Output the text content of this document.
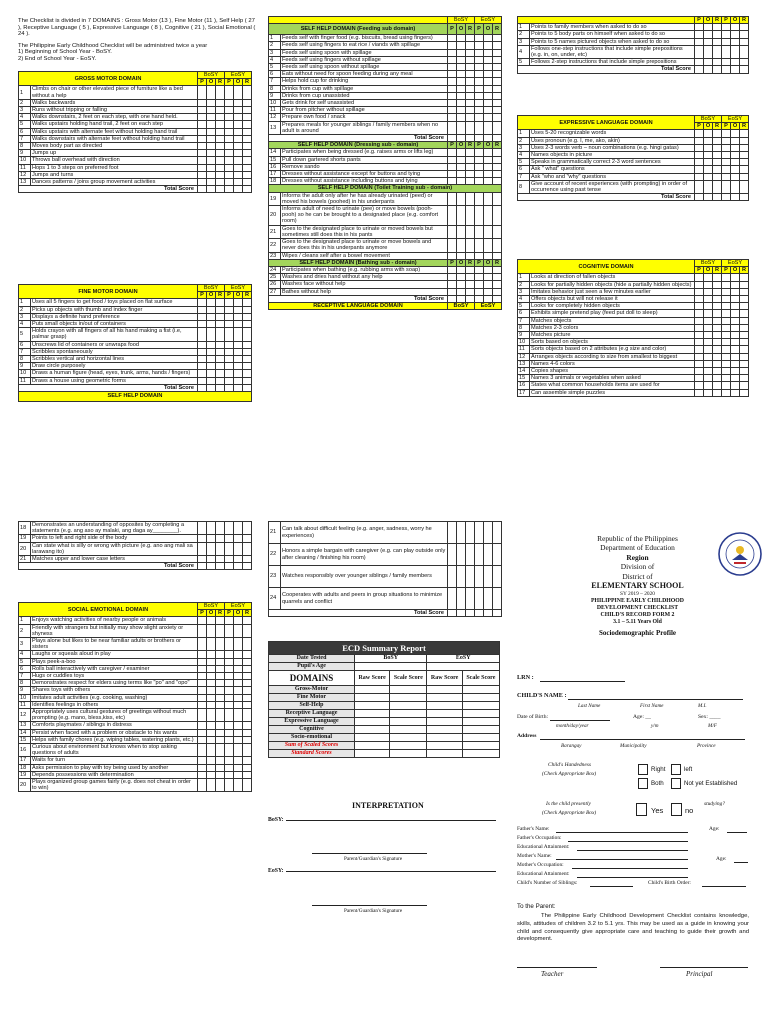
The Checklist is divided in 7 DOMAINS : Gross Motor (13 ), Fine Motor (11 ), Self Help ( 27 ), Receptive Language ( 5 ), Expressive Language ( 8 ), Cognitive ( 21 ), Social Emotional ( 24 ).

The Philippine Early Childhood Checklist will be administred twice a year
1) Beginning of School Year - BoSY.
2) End of School Year - EoSY.
GROSS MOTOR DOMAIN		BoSY			EoSY		
		P	O	R	P	O	R
1	Climbs on chair or other elevated piece of furniture like a bed without a help						
2	Walks backwards						
3	Runs without tripping or falling						
4	Walks downstairs, 2 feet on each step, with one hand held.						
5	Walks upstairs holding hand trail, 2 feet on each step						
6	Walks upstairs with alternate feet without holding hand trail						
7	Walks downstairs with alternate feet without holding hand trail						
8	Moves body part as directed						
9	Jumps up						
10	Throws ball overhead with direction						
11	Hops 1 to 3 steps on preferred foot						
12	Jumps and turns						
13	Dances patterns / joins group movement activities						
Total Score							
FINE MOTOR DOMAIN		BoSY			EoSY		
		P	O	R	P	O	R
1	Uses all 5 fingers to get food / toys placed on flat surface						
2	Picks up objects with thumb and index finger						
3	Displays a definite hand preference						
4	Puts small objects in/out of containers						
5	Holds crayon with all fingers of all his hand making a fist (i.e, palmar grasp)						
6	Unscrews lid of containers or unwraps food						
7	Scribbles spontaneously						
8	Scribbles vertical and horizontal lines						
9	Draw circle purposely						
10	Draws a human figure (head, eyes, trunk, arms, hands / fingers)						
11	Draws a house using geometric forms						
Total Score							
SELF HELP DOMAIN							
		BoSY			EoSY		
SELF HELP DOMAIN (Feeding sub domain)		P	O	R	P	O	R
1	Feeds self with finger food (e.g. biscuits, bread using fingers)						
2	Feeds self using fingers to eat rice / viands with spillage						
3	Feeds self using spoon with spillage						
4	Feeds self using fingers without spillage						
5	Feeds self using spoon without spillage						
6	Eats without need for spoon feeding during any meal						
7	Helps hold cup for drinking						
8	Drinks from cup with spillage						
9	Drinks from cup unassisted						
10	Gets drink for self unassisted						
11	Pour from pitcher without spillage						
12	Prepare own food / snack						
13	Prepares meals for younger siblings / family members when no adult is around						
Total Score							
SELF HELP DOMAIN (Dressing sub - domain)		P	O	R	P	O	R
14	Participates when being dressed (e.g. raises arms or lifts leg)						
15	Pull down gartered shorts pants						
16	Remove sando						
17	Dresses without assistance except for buttons and tying						
18	Dresses without assistance including buttons and tying						
SELF HELP DOMAIN (Toilet Training sub - domain)							
19	Informs the adult only after he has already urinated (peed) or moved his bowels (poohed) in his underpants						
20	Informs adult of need to urinate (pee) or move bowels (pooh-pooh) so he can be brought to a designated place (e.g. comfort room)						
21	Goes to the designated place to urinate or moved bowels but sometimes still does this in his pants						
22	Goes to the designated place to urinate or move bowels and never does this in his underpants anymore						
23	Wipes / cleans self after a bowel movement						
SELF HELP DOMAIN (Bathing sub - domain)		P	O	R	P	O	R
24	Participates when bathing (e.g. rubbing arms with soap)						
25	Washes and dries hand without any help						
26	Washes face without help						
27	Bathes without help						
Total Score							
RECEPTIVE LANGUAGE DOMAIN		BoSY			EoSY		
		P	O	R	P	O	R
1	Points to family members when asked to do so						
2	Points to 5 body parts on himself when asked to do so						
3	Points to 5 names pictured objects when asked to do so						
4	Follows one-step instructions that include simple prepositions (e.g. in, on, under, etc)						
5	Follows 2-step instructions that include simple prepositions						
Total Score							
EXPRESSIVE LANGUAGE DOMAIN		BoSY			EoSY		
		P	O	R	P	O	R
1	Uses 5-20 recognizable words						
2	Uses pronoun (e.g. I, me, ako, akin)						
3	Uses 2-3 words verb – noun combinations (e.g. hingi gatas)						
4	Names objects in picture						
5	Speaks in grammatically correct 2-3 word sentences						
6	Ask " what" questions						
7	Ask "who and "why" questions						
8	Give account of recent experiences (with prompting) in order of occurrence using past tense						
Total Score							
COGNITIVE DOMAIN		BoSY			EoSY		
		P	O	R	P	O	R
1	Looks at direction of fallen objects						
2	Looks for partially hidden objects (hide a partially hidden objects)						
3	Imitates behavior just seen a few minutes earlier						
4	Offers objects but will not release it						
5	Looks for completely hidden objects						
6	Exhibits simple pretend play (feed put doll to sleep)						
7	Matches objects						
8	Matches 2-3 colors						
9	Matches picture						
10	Sorts based on objects						
11	Sorts objects based on 2 attributes (e.g size and color)						
12	Arranges objects according to size from smallest to biggest						
13	Names 4-6 colors						
14	Copies shapes						
15	Names 3 animals or vegetables when asked						
16	States what common households items are used for						
17	Can assemble simple puzzles						
18	Demonstrates an understanding of opposites by completing a statements (e.g. ang aso ay malaki, ang daga ay________).						
19	Points to left and right side of the body						
20	Can state what is silly or wrong with picture (e.g. ano ang mali sa larawang ito)						
21	Matches upper and lower case letters						
Total Score							
SOCIAL EMOTIONAL DOMAIN		BoSY			EoSY		
		P	O	R	P	O	R
1	Enjoys watching activities of nearby people or animals						
2	Friendly with strangers but initially may show slight anxiety or shyness						
3	Plays alone but likes to be near familiar adults or brothers or sisters						
4	Laughs or squeals aloud in play						
5	Plays peek-a-boo						
6	Rolls ball interactively with caregiver / examiner						
7	Hugs or cuddles toys						
8	Demonstrates respect for elders using terms like "po" and "opo"						
9	Shares toys with others						
10	Imitates adult activities (e.g. cooking, washing)						
11	Identifies feelings in others						
12	Appropriately uses cultural gestures of greetings without much prompting (e.g. mano, bless,kiss, etc)						
13	Comforts playmates / siblings in distress						
14	Persist when faced with a problem or obstacle to his wants						
15	Helps with family chores (e.g. wiping tables, watering plants, etc.)						
16	Curious about environment but knows when to stop asking questions of adults						
17	Waits for turn						
18	Asks permission to play with toy being used by another						
19	Depends possessions with determination						
20	Plays organized group games fairly (e.g. does not cheat in order to win)						
21	Can talk about difficult feeling (e.g. anger, sadness, worry he experiences)						
22	Honors a simple bargain with caregiver (e.g. can play outside only after cleaning / finishing his room)						
23	Watches responsibly over younger siblings / family members						
24	Cooperates with adults and peers in group situations to minimize quarrels and conflict						
Total Score							
ECD Summary Report				
Date Tested	BoSY		EoSY	
Pupil's Age				
DOMAINS	Raw Score	Scale Score	Raw Score	Scale Score
Gross-Motor				
Fine Motor				
Self-Help				
Receptive Language				
Expressive Language				
Cognitive				
Socio-emotional				
Sum of Scaled Scores				
Standard Scores				
INTERPRETATION
BoSY:
Parent/Guardian's Signature
EoSY:
Parent/Guardian's Signature
Republic of the Philippines
Department of Education
Region
Division of
District of
ELEMENTARY SCHOOL
SY 2019 – 2020
PHILIPPINE EARLY CHILDHOOD
DEVELOPMENT CHECKLIST
CHILD'S RECORD FORM 2
3.1 – 5.11 Years Old
Sociodemographic Profile
LRN :
CHILD'S NAME :
Last Name	First Name	M.I.
Date of Birth:	Age: __	Sex: ____
month/day/year	y/m	M/F
Address
Barangay	Municipality	Province
Child's Handedness
(Check Appropriate Box)
Right	left
Both	Not yet Established
Is the child presently
(Check Appropriate Box)
studying?
Yes	no
Father's Name:	Age:
Father's Occupation:
Educational Attainment:
Mother's Name:	Age:
Mother's Occupation:
Educational Attainment:
Child's Number of Siblings:	Child's Birth Order:
To the Parent:
The Philippine Early Childhood Development Checklist contains knowledge, skills, attitudes of children 3.2 to 5.1 yrs. This may be used as a guide in knowing your child and consequently give appropriate care and teaching to guide their growth and development.
Teacher	Principal
